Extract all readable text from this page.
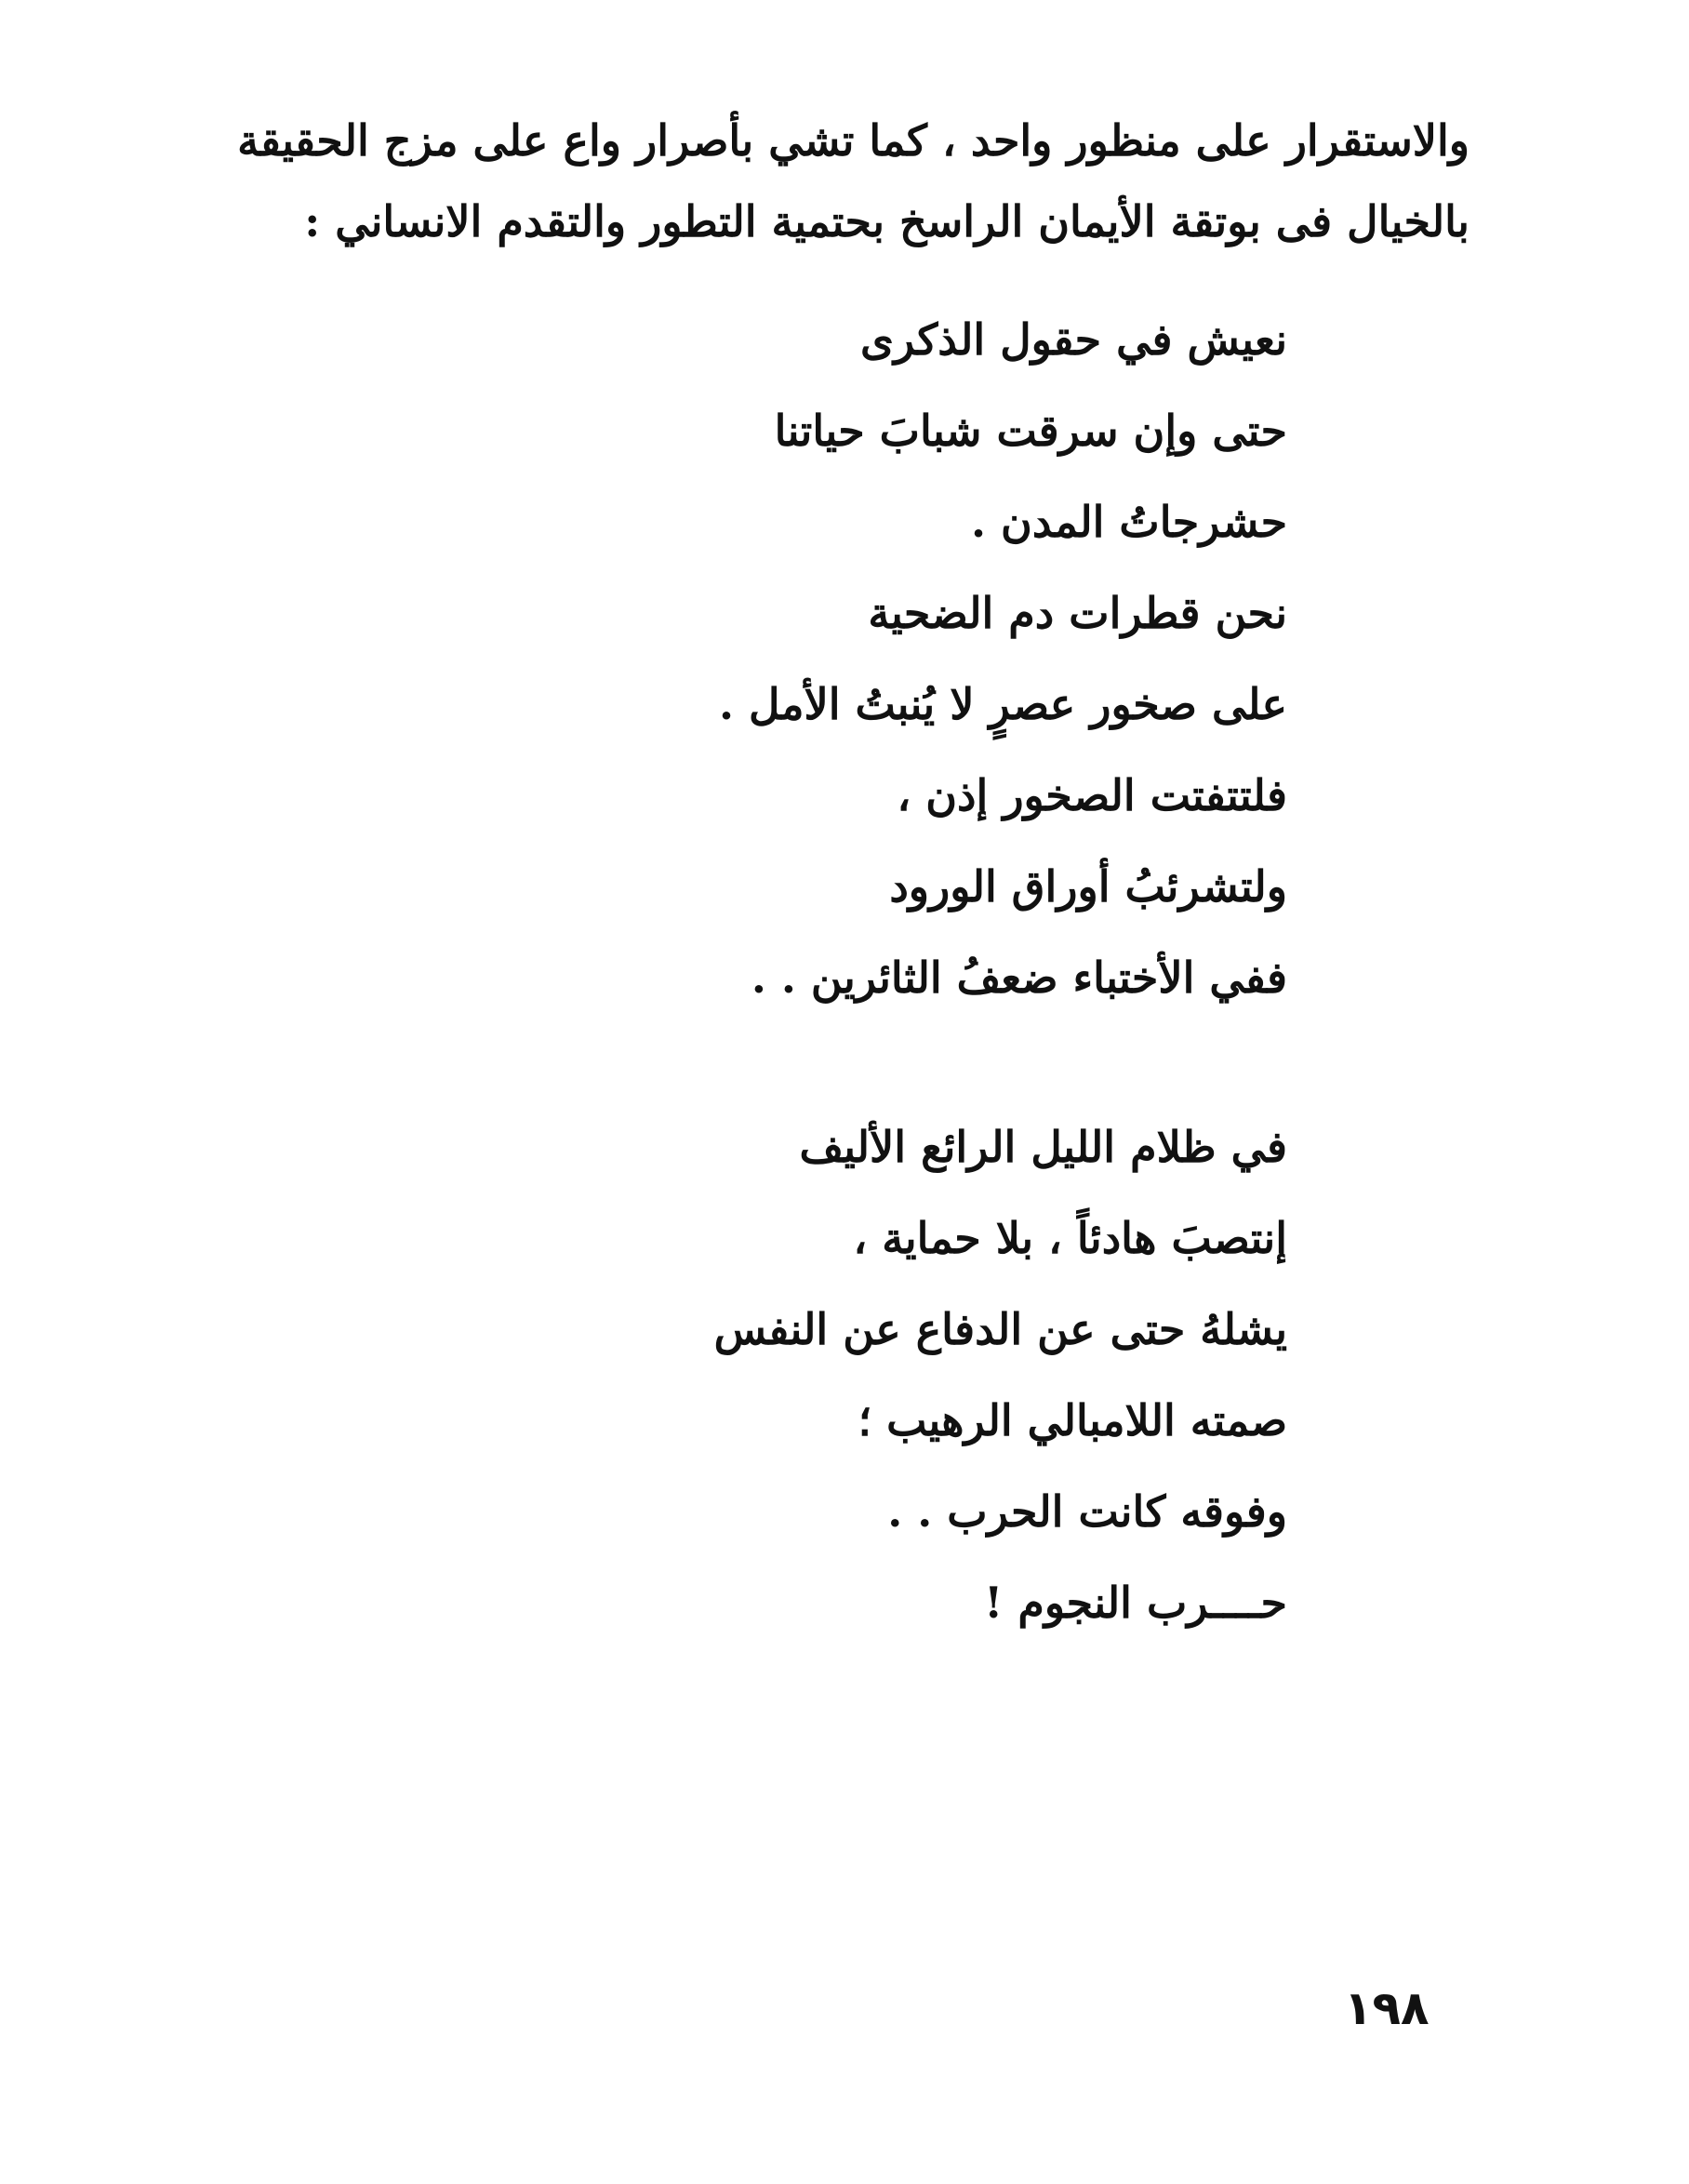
والاستقرار على منظور واحد ، كما تشي بأصرار واع على مزج الحقيقة
بالخيال فى بوتقة الأيمان الراسخ بحتمية التطور والتقدم الانساني :
نعيش في حقول الذكرى
حتى وإن سرقت شبابَ حياتنا
حشرجاتُ المدن .
نحن قطرات دم الضحية
على صخور عصرٍ لا يُنبتُ الأمل .
فلتتفتت الصخور إذن ،
ولتشرئبُ أوراق الورود
ففي الأختباء ضعفُ الثائرين . .
في ظلام الليل الرائع الأليف
إنتصبَ هادئاً ، بلا حماية ،
يشلهُ حتى عن الدفاع عن النفس
صمته اللامبالي الرهيب ؛
وفوقه كانت الحرب . .
حــــرب النجوم !
١٩٨
